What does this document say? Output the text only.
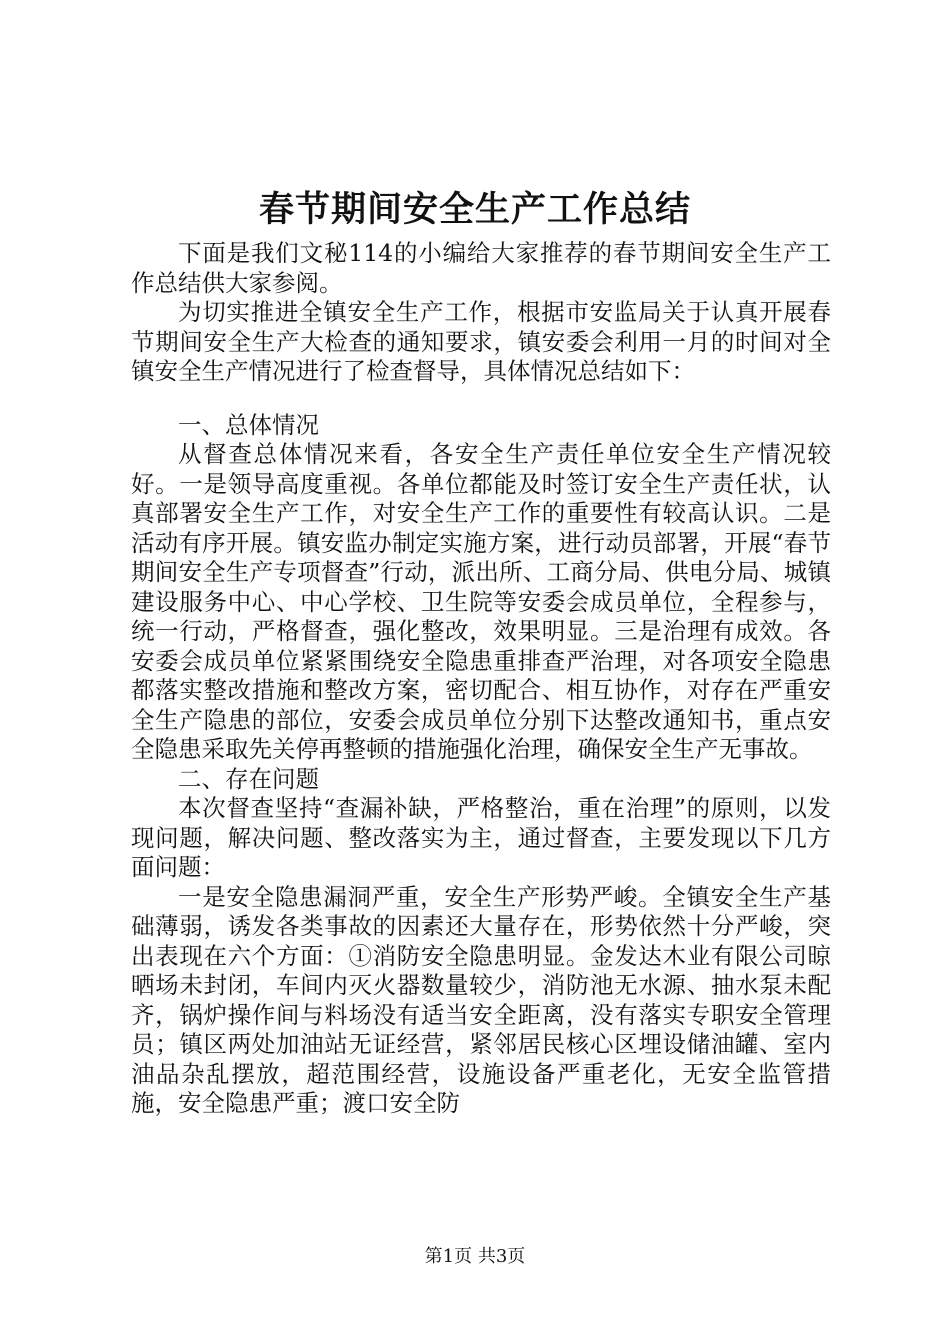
春节期间安全生产工作总结

下面是我们文秘114的小编给大家推荐的春节期间安全生产工作总结供大家参阅。

为切实推进全镇安全生产工作，根据市安监局关于认真开展春节期间安全生产大检查的通知要求，镇安委会利用一月的时间对全镇安全生产情况进行了检查督导，具体情况总结如下：

一、总体情况

从督查总体情况来看，各安全生产责任单位安全生产情况较好。一是领导高度重视。各单位都能及时签订安全生产责任状，认真部署安全生产工作，对安全生产工作的重要性有较高认识。二是活动有序开展。镇安监办制定实施方案，进行动员部署，开展“春节期间安全生产专项督查”行动，派出所、工商分局、供电分局、城镇建设服务中心、中心学校、卫生院等安委会成员单位，全程参与，统一行动，严格督查，强化整改，效果明显。三是治理有成效。各安委会成员单位紧紧围绕安全隐患重排查严治理，对各项安全隐患都落实整改措施和整改方案，密切配合、相互协作，对存在严重安全生产隐患的部位，安委会成员单位分别下达整改通知书，重点安全隐患采取先关停再整顿的措施强化治理，确保安全生产无事故。

二、存在问题

本次督查坚持“查漏补缺，严格整治，重在治理”的原则，以发现问题，解决问题、整改落实为主，通过督查，主要发现以下几方面问题：

一是安全隐患漏洞严重，安全生产形势严峻。全镇安全生产基础薄弱，诱发各类事故的因素还大量存在，形势依然十分严峻，突出表现在六个方面：①消防安全隐患明显。金发达木业有限公司晾晒场未封闭，车间内灭火器数量较少，消防池无水源、抽水泵未配齐，锅炉操作间与料场没有适当安全距离，没有落实专职安全管理员；镇区两处加油站无证经营，紧邻居民核心区埋设储油罐、室内油品杂乱摆放，超范围经营，设施设备严重老化，无安全监管措施，安全隐患严重；渡口安全防

第1页 共3页
